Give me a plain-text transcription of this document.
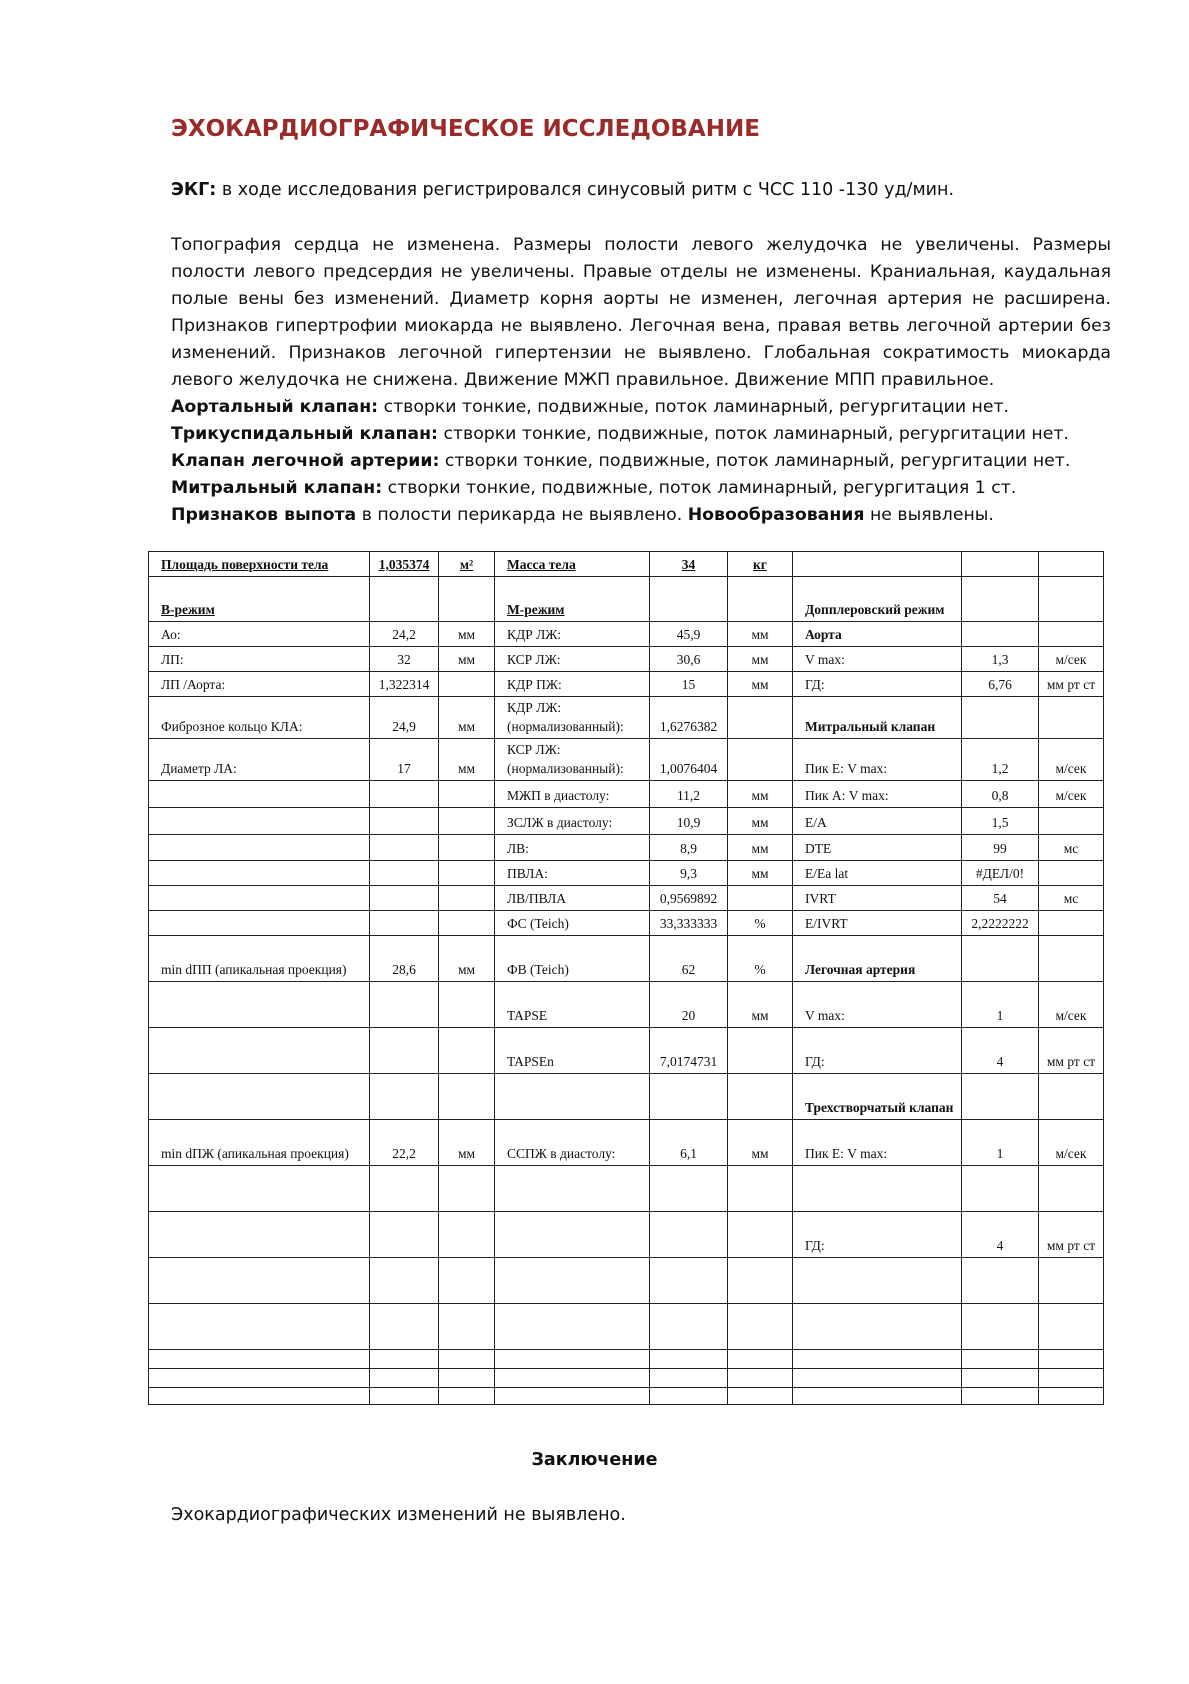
ЭХОКАРДИОГРАФИЧЕСКОЕ ИССЛЕДОВАНИЕ
ЭКГ: в ходе исследования регистрировался синусовый ритм с ЧСС 110 -130 уд/мин.
Топография сердца не изменена. Размеры полости левого желудочка не увеличены. Размеры полости левого предсердия не увеличены. Правые отделы не изменены. Краниальная, каудальная полые вены без изменений. Диаметр корня аорты не изменен, легочная артерия не расширена. Признаков гипертрофии миокарда не выявлено. Легочная вена, правая ветвь легочной артерии без изменений. Признаков легочной гипертензии не выявлено. Глобальная сократимость миокарда левого желудочка не снижена. Движение МЖП правильное. Движение МПП правильное.
Аортальный клапан: створки тонкие, подвижные, поток ламинарный, регургитации нет.
Трикуспидальный клапан: створки тонкие, подвижные, поток ламинарный, регургитации нет.
Клапан легочной артерии: створки тонкие, подвижные, поток ламинарный, регургитации нет.
Митральный клапан: створки тонкие, подвижные, поток ламинарный, регургитация 1 ст.
Признаков выпота в полости перикарда не выявлено. Новообразования не выявлены.
Площадь поверхности тела	1,035374	м²	Масса тела	34	кг			
В-режим			М-режим			Допплеровский режим		
Ао:	24,2	мм	КДР ЛЖ:	45,9	мм	Аорта		
ЛП:	32	мм	КСР ЛЖ:	30,6	мм	V max:	1,3	м/сек
ЛП /Аорта:	1,322314		КДР ПЖ:	15	мм	ГД:	6,76	мм рт ст
Фиброзное кольцо КЛА:	24,9	мм	КДР ЛЖ: (нормализованный):	1,6276382		Митральный клапан		
Диаметр ЛА:	17	мм	КСР ЛЖ: (нормализованный):	1,0076404		Пик Е: V max:	1,2	м/сек
			МЖП в диастолу:	11,2	мм	Пик А: V max:	0,8	м/сек
			ЗСЛЖ в диастолу:	10,9	мм	E/A	1,5	
			ЛВ:	8,9	мм	DTE	99	мс
			ПВЛА:	9,3	мм	E/Ea lat	#ДЕЛ/0!	
			ЛВ/ПВЛА	0,9569892		IVRT	54	мс
			ФС (Teich)	33,333333	%	E/IVRT	2,2222222	
min dПП (апикальная проекция)	28,6	мм	ФВ (Teich)	62	%	Легочная артерия		
			TAPSE	20	мм	V max:	1	м/сек
			TAPSEn	7,0174731		ГД:	4	мм рт ст
						Трехстворчатый клапан		
min dПЖ (апикальная проекция)	22,2	мм	ССПЖ в диастолу:	6,1	мм	Пик Е: V max:	1	м/сек

						ГД:	4	мм рт ст

Заключение
Эхокардиографических изменений не выявлено.
